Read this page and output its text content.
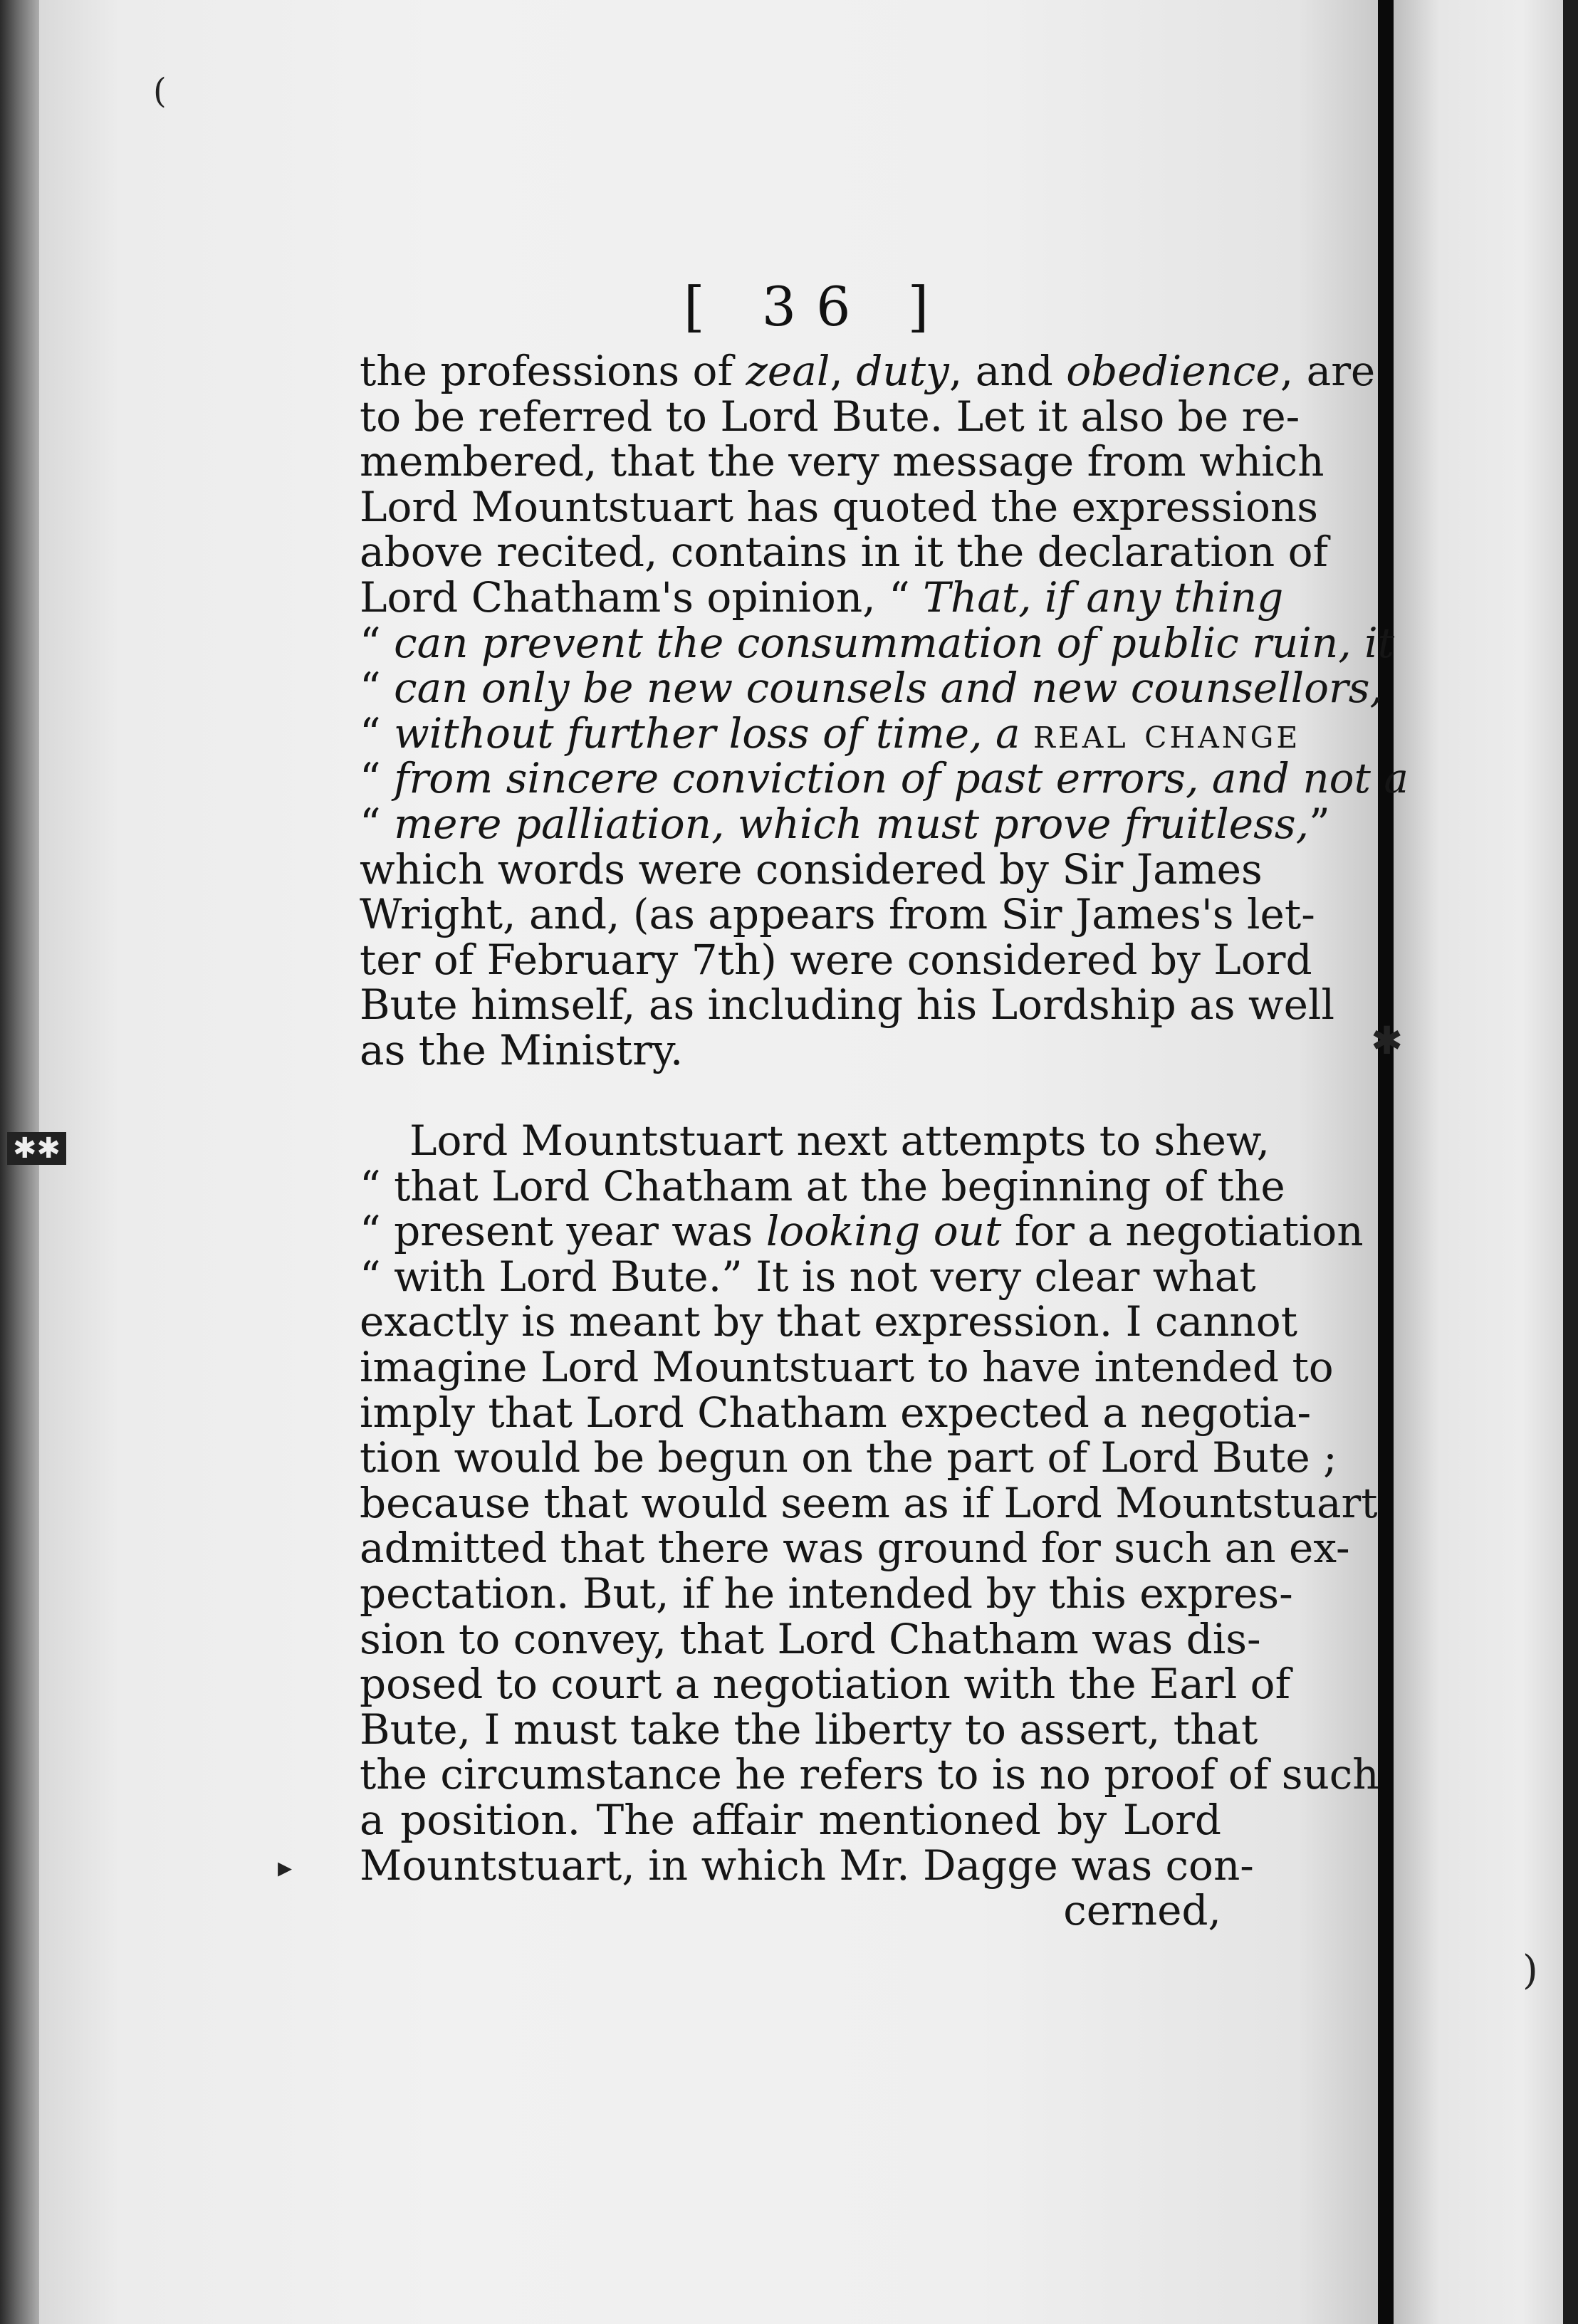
(
✱
✱✱
▸
)
[ 36 ]
the professions of zeal, duty, and obedience, are
to be referred to Lord Bute. Let it also be re-
membered, that the very message from which
Lord Mountstuart has quoted the expressions
above recited, contains in it the declaration of
Lord Chatham's opinion, “ That, if any thing
“ can prevent the consummation of public ruin, it
“ can only be new counsels and new counsellors,
“ without further loss of time, a real change
“ from sincere conviction of past errors, and not a
“ mere palliation, which must prove fruitless,”
which words were considered by Sir James
Wright, and, (as appears from Sir James's let-
ter of February 7th) were considered by Lord
Bute himself, as including his Lordship as well
as the Ministry.
Lord Mountstuart next attempts to shew,
“ that Lord Chatham at the beginning of the
“ present year was looking out for a negotiation
“ with Lord Bute.” It is not very clear what
exactly is meant by that expression. I cannot
imagine Lord Mountstuart to have intended to
imply that Lord Chatham expected a negotia-
tion would be begun on the part of Lord Bute ;
because that would seem as if Lord Mountstuart
admitted that there was ground for such an ex-
pectation. But, if he intended by this expres-
sion to convey, that Lord Chatham was dis-
posed to court a negotiation with the Earl of
Bute, I must take the liberty to assert, that
the circumstance he refers to is no proof of such
a position. The affair mentioned by Lord
Mountstuart, in which Mr. Dagge was con-
cerned,
